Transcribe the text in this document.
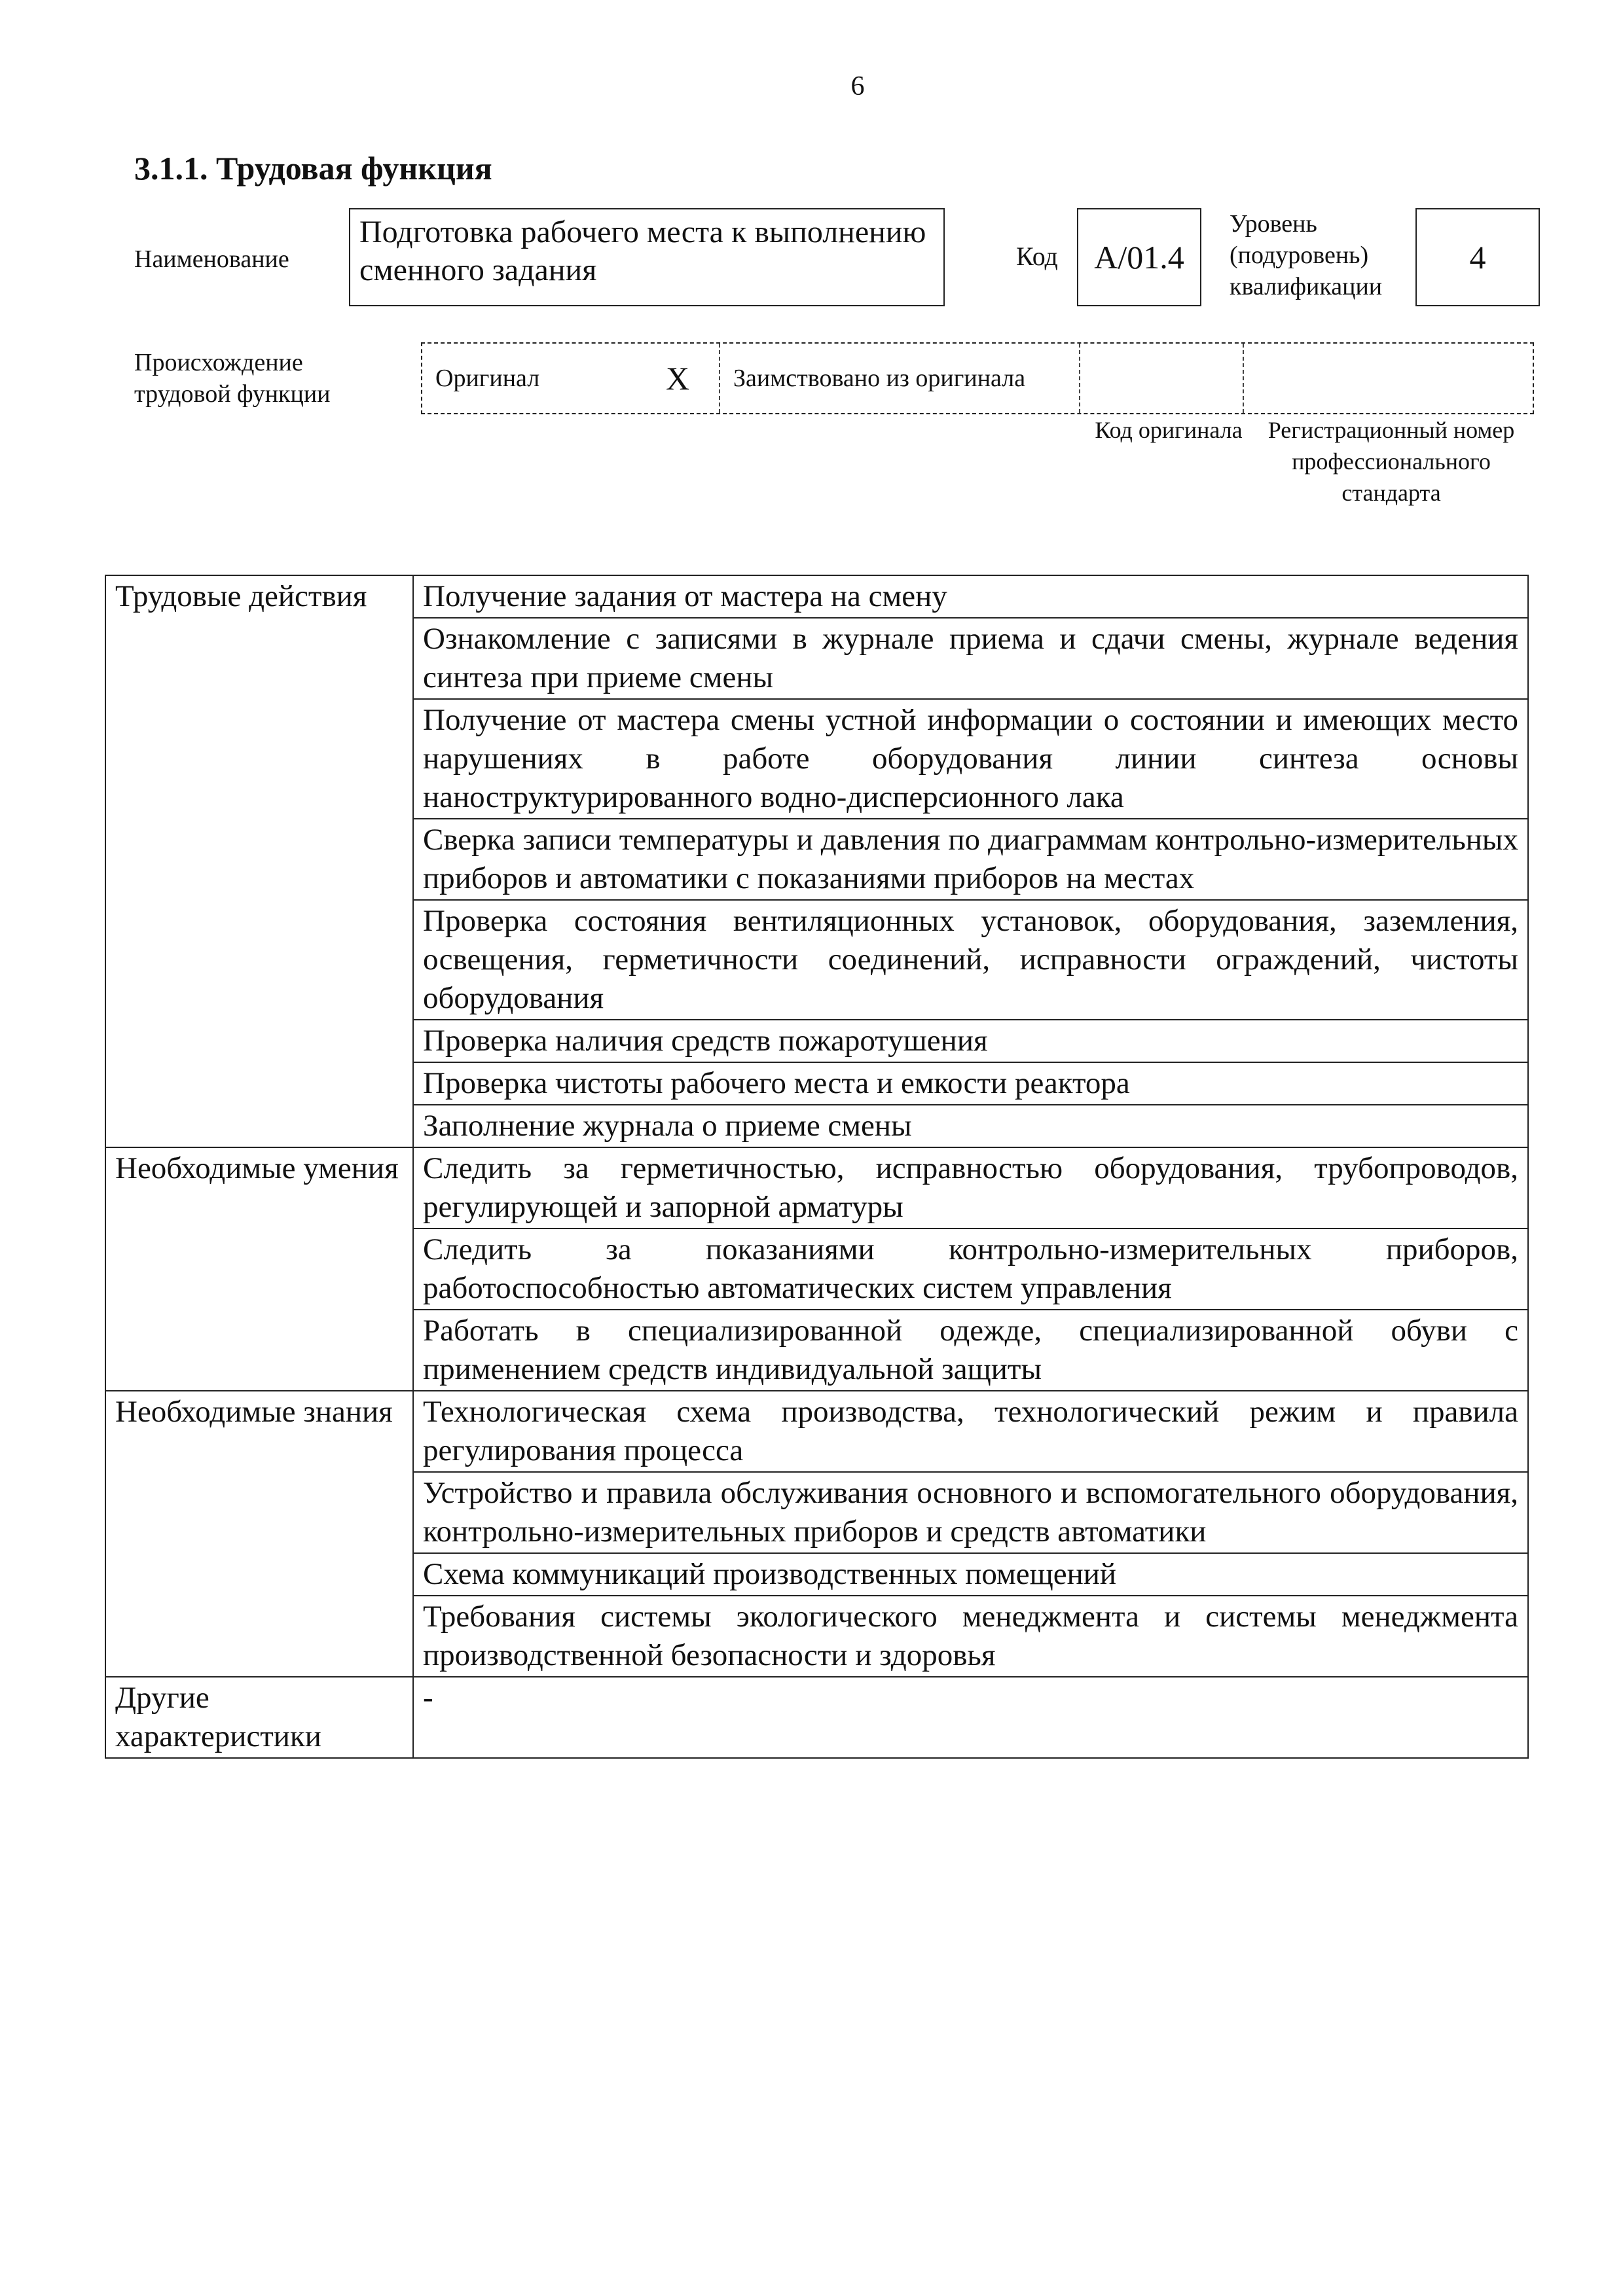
6
3.1.1. Трудовая функция
Наименование
Подготовка рабочего места к выполнению сменного задания	Код	A/01.4
Уровень (подуровень) квалификации
4
Происхождение трудовой функции
Оригинал	X	Заимствовано из оригинала
Код оригинала Регистрационный номер профессионального стандарта
Трудовые действия	Получение задания от мастера на смену
	Ознакомление с записями в журнале приема и сдачи смены, журнале ведения синтеза при приеме смены
	Получение от мастера смены устной информации о состоянии и имеющих место нарушениях в работе оборудования линии синтеза основы наноструктурированного водно-дисперсионного лака
	Сверка записи температуры и давления по диаграммам контрольно-измерительных приборов и автоматики с показаниями приборов на местах
	Проверка состояния вентиляционных установок, оборудования, заземления, освещения, герметичности соединений, исправности ограждений, чистоты оборудования
	Проверка наличия средств пожаротушения
	Проверка чистоты рабочего места и емкости реактора
	Заполнение журнала о приеме смены
Необходимые умения	Следить за герметичностью, исправностью оборудования, трубопроводов, регулирующей и запорной арматуры
	Следить за показаниями контрольно-измерительных приборов, работоспособностью автоматических систем управления
	Работать в специализированной одежде, специализированной обуви с применением средств индивидуальной защиты
Необходимые знания	Технологическая схема производства, технологический режим и правила регулирования процесса
	Устройство и правила обслуживания основного и вспомогательного оборудования, контрольно-измерительных приборов и средств автоматики
	Схема коммуникаций производственных помещений
	Требования системы экологического менеджмента и системы менеджмента производственной безопасности и здоровья
Другие характеристики	-
